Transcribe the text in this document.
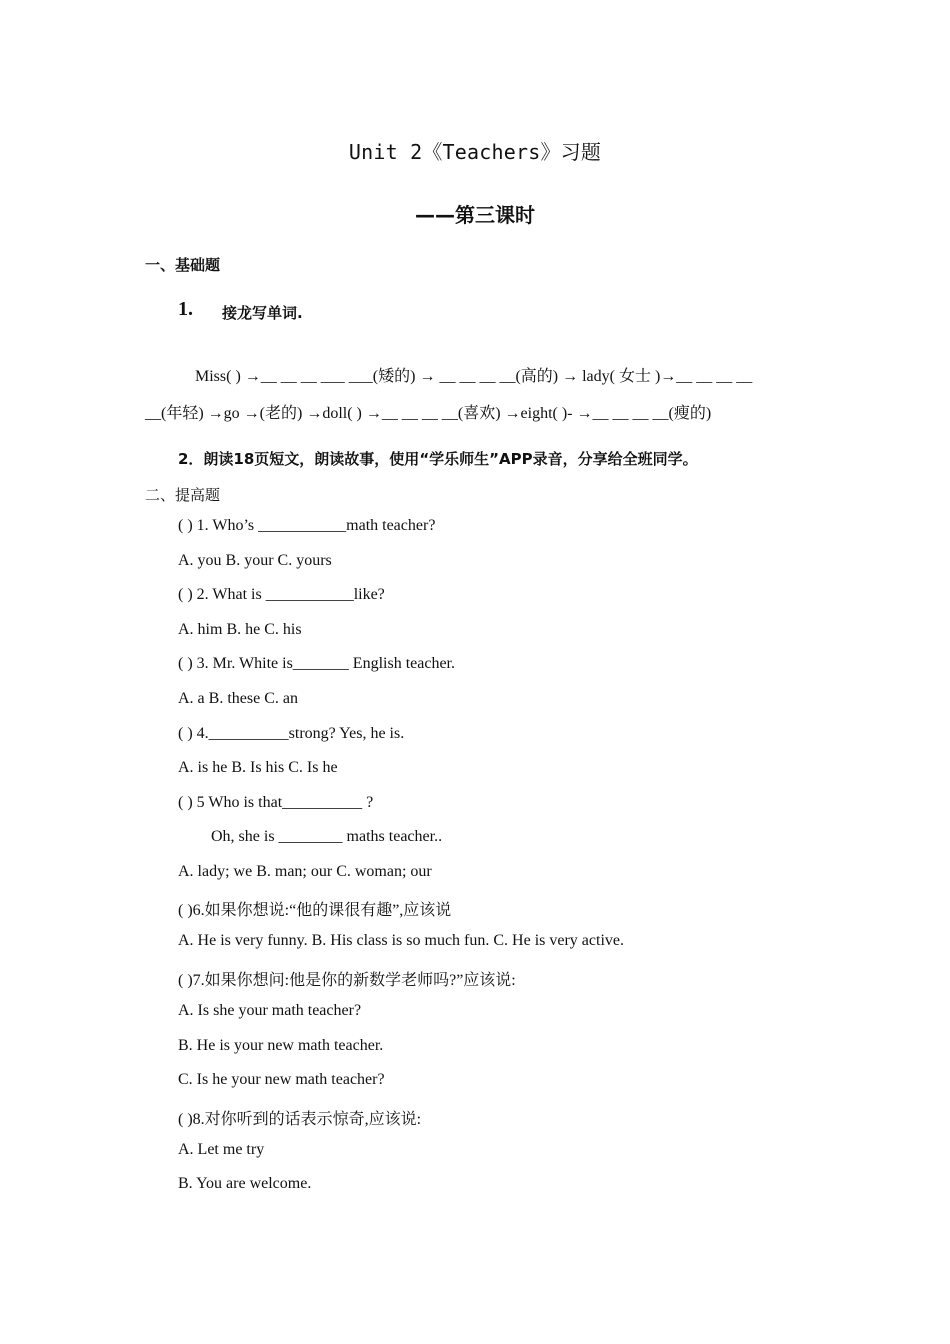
Unit 2《Teachers》习题
——第三课时
一、基础题
1. 接龙写单词.
Miss( ) →__ __ __ ___ ___(矮的) → __ __ __ __(高的) → lady( 女士 )→__ __ __ __
__(年轻) →go →(老的) →doll( ) →__ __ __ __(喜欢) →eight( )- →__ __ __ __(瘦的)
2．朗读18页短文，朗读故事，使用“学乐师生”APP录音，分享给全班同学。
二、提高题
( ) 1. Who’s ___________math teacher?
A. you B. your C. yours
( ) 2. What is ___________like?
A. him B. he C. his
( ) 3. Mr. White is_______ English teacher.
A. a B. these C. an
( ) 4.__________strong? Yes, he is.
A. is he B. Is his C. Is he
( ) 5 Who is that__________ ?
Oh, she is ________ maths teacher..
A. lady; we B. man; our C. woman; our
( )6.如果你想说:“他的课很有趣”,应该说
A. He is very funny. B. His class is so much fun. C. He is very active.
( )7.如果你想问:他是你的新数学老师吗?”应该说:
A. Is she your math teacher?
B. He is your new math teacher.
C. Is he your new math teacher?
( )8.对你听到的话表示惊奇,应该说:
A. Let me try
B. You are welcome.
